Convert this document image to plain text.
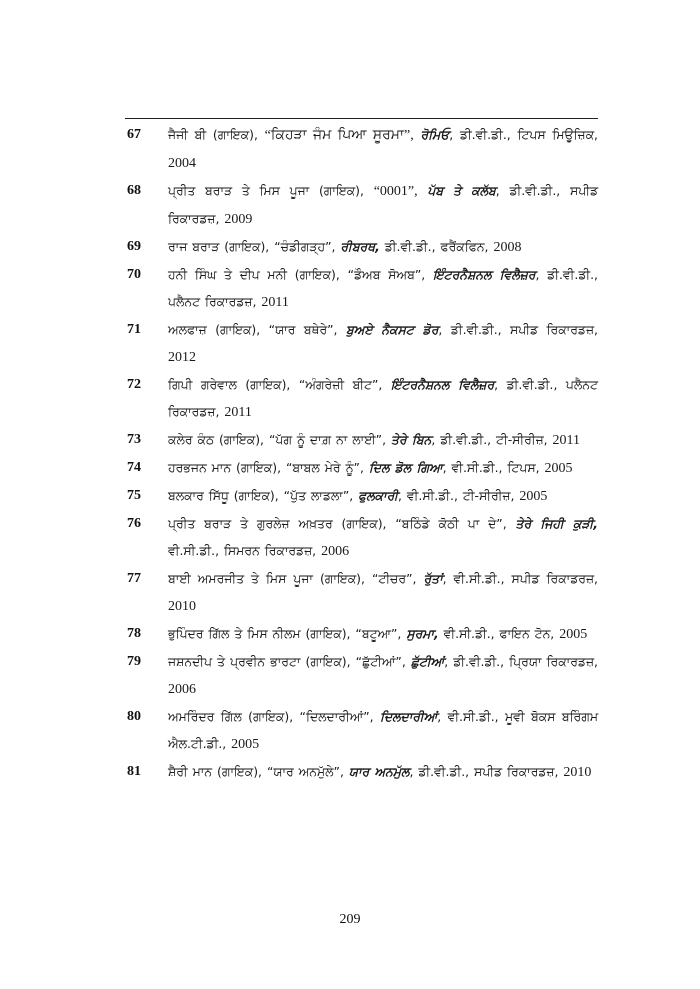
67 ਜੈਜੀ ਬੀ (ਗਾਇਕ), “ਕਿਹੜਾ ਜੰਮ ਪਿਆ ਸੂਰਮਾ”, ਰੋਮਿਓ, ਡੀ.ਵੀ.ਡੀ., ਟਿਪਸ ਮਿਊਜ਼ਿਕ, 2004
68 ਪ੍ਰੀਤ ਬਰਾੜ ਤੇ ਮਿਸ ਪੂਜਾ (ਗਾਇਕ), “0001”, ਪੱਬ ਤੇ ਕਲੱਬ, ਡੀ.ਵੀ.ਡੀ., ਸਪੀਡ ਰਿਕਾਰਡਜ਼, 2009
69 ਰਾਜ ਬਰਾੜ (ਗਾਇਕ), “ਚੰਡੀਗੜ੍ਹ”, ਰੀਬਰਥ, ਡੀ.ਵੀ.ਡੀ., ਫਰੈਂਕਫਿਨ, 2008
70 ਹਨੀ ਸਿੰਘ ਤੇ ਦੀਪ ਮਨੀ (ਗਾਇਕ), “ਡੌਅਬ ਸੋਅਬ”, ਇੰਟਰਨੈਸ਼ਨਲ ਵਿਲੈਜ਼ਰ, ਡੀ.ਵੀ.ਡੀ., ਪਲੈਨਟ ਰਿਕਾਰਡਜ਼, 2011
71 ਅਲਫਾਜ਼ (ਗਾਇਕ), “ਯਾਰ ਬਥੇਰੇ”, ਬੁਅਏ ਨੈਕਸਟ ਡੋਰ, ਡੀ.ਵੀ.ਡੀ., ਸਪੀਡ ਰਿਕਾਰਡਜ਼, 2012
72 ਗਿਪੀ ਗਰੇਵਾਲ (ਗਾਇਕ), “ਅੰਗਰੇਜ਼ੀ ਬੀਟ”, ਇੰਟਰਨੈਸ਼ਨਲ ਵਿਲੈਜ਼ਰ, ਡੀ.ਵੀ.ਡੀ., ਪਲੈਨਟ ਰਿਕਾਰਡਜ਼, 2011
73 ਕਲੇਰ ਕੰਠ (ਗਾਇਕ), “ਪੱਗ ਨੂੰ ਦਾਗ਼ ਨਾ ਲਾਈ”, ਤੇਰੇ ਬਿਨ, ਡੀ.ਵੀ.ਡੀ., ਟੀ-ਸੀਰੀਜ਼, 2011
74 ਹਰਭਜਨ ਮਾਨ (ਗਾਇਕ), “ਬਾਬਲ ਮੇਰੇ ਨੂੰ”, ਦਿਲ ਡੋਲ ਗਿਆ, ਵੀ.ਸੀ.ਡੀ., ਟਿਪਸ, 2005
75 ਬਲਕਾਰ ਸਿੱਧੂ (ਗਾਇਕ), “ਪੁੱਤ ਲਾਡਲਾ”, ਫੁਲਕਾਰੀ, ਵੀ.ਸੀ.ਡੀ., ਟੀ-ਸੀਰੀਜ਼, 2005
76 ਪ੍ਰੀਤ ਬਰਾੜ ਤੇ ਗੁਰਲੇਜ਼ ਅਖ਼ਤਰ (ਗਾਇਕ), “ਬਠਿੰਡੇ ਕੋਠੀ ਪਾ ਦੇ”, ਤੇਰੇ ਜਿਹੀ ਕੁੜੀ, ਵੀ.ਸੀ.ਡੀ., ਸਿਮਰਨ ਰਿਕਾਰਡਜ਼, 2006
77 ਬਾਈ ਅਮਰਜੀਤ ਤੇ ਮਿਸ ਪੂਜਾ (ਗਾਇਕ), “ਟੀਚਰ”, ਰੁੱਤਾਂ, ਵੀ.ਸੀ.ਡੀ., ਸਪੀਡ ਰਿਕਾਡਰਜ਼, 2010
78 ਭੁਪਿੰਦਰ ਗਿੱਲ ਤੇ ਮਿਸ ਨੀਲਮ (ਗਾਇਕ), “ਬਟੂਆ”, ਸੁਰਮਾ, ਵੀ.ਸੀ.ਡੀ., ਫਾਇਨ ਟੋਨ, 2005
79 ਜਸ਼ਨਦੀਪ ਤੇ ਪ੍ਰਵੀਨ ਭਾਰਟਾ (ਗਾਇਕ), “ਛੁੱਟੀਆਂ”, ਛੁੱਟੀਆਂ, ਡੀ.ਵੀ.ਡੀ., ਪ੍ਰਿਯਾ ਰਿਕਾਰਡਜ਼, 2006
80 ਅਮਰਿੰਦਰ ਗਿੱਲ (ਗਾਇਕ), “ਦਿਲਦਾਰੀਆਂ”, ਦਿਲਦਾਰੀਆਂ, ਵੀ.ਸੀ.ਡੀ., ਮੂਵੀ ਬੋਕਸ ਬਰਿੰਗਮ ਐਲ.ਟੀ.ਡੀ., 2005
81 ਸ਼ੈਰੀ ਮਾਨ (ਗਾਇਕ), “ਯਾਰ ਅਨਮੁੱਲੇ”, ਯਾਰ ਅਨਮੁੱਲ, ਡੀ.ਵੀ.ਡੀ., ਸਪੀਡ ਰਿਕਾਰਡਜ਼, 2010
209
